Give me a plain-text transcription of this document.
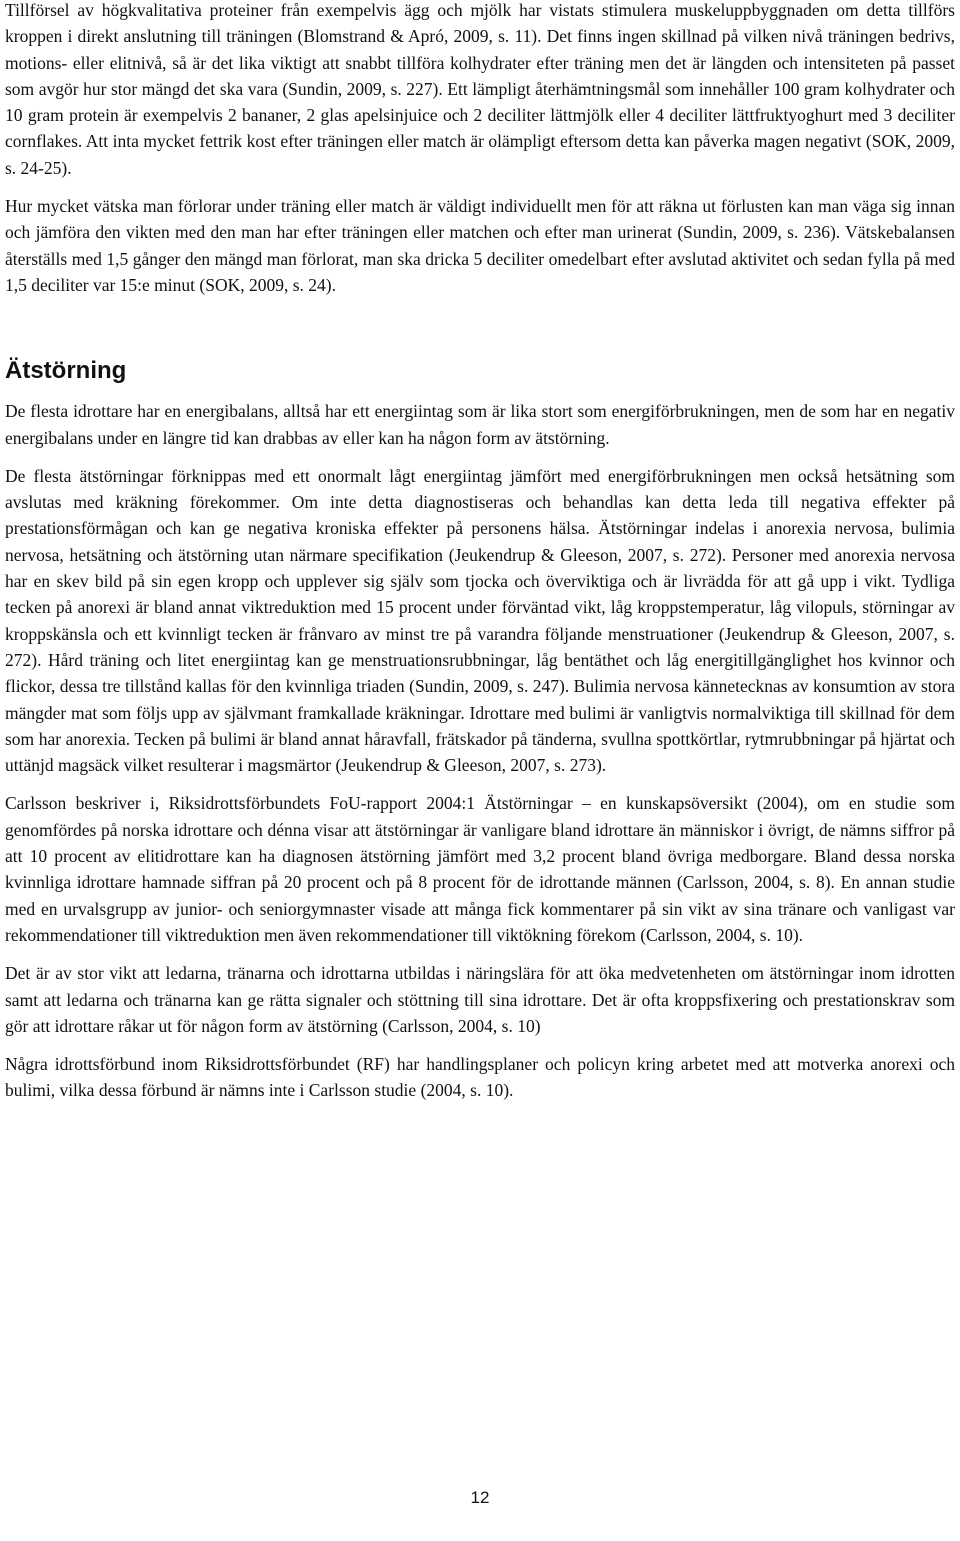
Tillförsel av högkvalitativa proteiner från exempelvis ägg och mjölk har vistats stimulera muskeluppbyggnaden om detta tillförs kroppen i direkt anslutning till träningen (Blomstrand & Apró, 2009, s. 11). Det finns ingen skillnad på vilken nivå träningen bedrivs, motions- eller elitnivå, så är det lika viktigt att snabbt tillföra kolhydrater efter träning men det är längden och intensiteten på passet som avgör hur stor mängd det ska vara (Sundin, 2009, s. 227). Ett lämpligt återhämtningsmål som innehåller 100 gram kolhydrater och 10 gram protein är exempelvis 2 bananer, 2 glas apelsinjuice och 2 deciliter lättmjölk eller 4 deciliter lättfruktyoghurt med 3 deciliter cornflakes. Att inta mycket fettrik kost efter träningen eller match är olämpligt eftersom detta kan påverka magen negativt (SOK, 2009, s. 24-25).

Hur mycket vätska man förlorar under träning eller match är väldigt individuellt men för att räkna ut förlusten kan man väga sig innan och jämföra den vikten med den man har efter träningen eller matchen och efter man urinerat (Sundin, 2009, s. 236). Vätskebalansen återställs med 1,5 gånger den mängd man förlorat, man ska dricka 5 deciliter omedelbart efter avslutad aktivitet och sedan fylla på med 1,5 deciliter var 15:e minut (SOK, 2009, s. 24).

Ätstörning

De flesta idrottare har en energibalans, alltså har ett energiintag som är lika stort som energiförbrukningen, men de som har en negativ energibalans under en längre tid kan drabbas av eller kan ha någon form av ätstörning.

De flesta ätstörningar förknippas med ett onormalt lågt energiintag jämfört med energiförbrukningen men också hetsätning som avslutas med kräkning förekommer. Om inte detta diagnostiseras och behandlas kan detta leda till negativa effekter på prestationsförmågan och kan ge negativa kroniska effekter på personens hälsa. Ätstörningar indelas i anorexia nervosa, bulimia nervosa, hetsätning och ätstörning utan närmare specifikation (Jeukendrup & Gleeson, 2007, s. 272). Personer med anorexia nervosa har en skev bild på sin egen kropp och upplever sig själv som tjocka och överviktiga och är livrädda för att gå upp i vikt. Tydliga tecken på anorexi är bland annat viktreduktion med 15 procent under förväntad vikt, låg kroppstemperatur, låg vilopuls, störningar av kroppskänsla och ett kvinnligt tecken är frånvaro av minst tre på varandra följande menstruationer (Jeukendrup & Gleeson, 2007, s. 272). Hård träning och litet energiintag kan ge menstruationsrubbningar, låg bentäthet och låg energitillgänglighet hos kvinnor och flickor, dessa tre tillstånd kallas för den kvinnliga triaden (Sundin, 2009, s. 247). Bulimia nervosa kännetecknas av konsumtion av stora mängder mat som följs upp av självmant framkallade kräkningar. Idrottare med bulimi är vanligtvis normalviktiga till skillnad för dem som har anorexia. Tecken på bulimi är bland annat håravfall, frätskador på tänderna, svullna spottkörtlar, rytmrubbningar på hjärtat och uttänjd magsäck vilket resulterar i magsmärtor (Jeukendrup & Gleeson, 2007, s. 273).

Carlsson beskriver i, Riksidrottsförbundets FoU-rapport 2004:1 Ätstörningar – en kunskapsöversikt (2004), om en studie som genomfördes på norska idrottare och dénna visar att ätstörningar är vanligare bland idrottare än människor i övrigt, de nämns siffror på att 10 procent av elitidrottare kan ha diagnosen ätstörning jämfört med 3,2 procent bland övriga medborgare. Bland dessa norska kvinnliga idrottare hamnade siffran på 20 procent och på 8 procent för de idrottande männen (Carlsson, 2004, s. 8). En annan studie med en urvalsgrupp av junior- och seniorgymnaster visade att många fick kommentarer på sin vikt av sina tränare och vanligast var rekommendationer till viktreduktion men även rekommendationer till viktökning förekom (Carlsson, 2004, s. 10).

Det är av stor vikt att ledarna, tränarna och idrottarna utbildas i näringslära för att öka medvetenheten om ätstörningar inom idrotten samt att ledarna och tränarna kan ge rätta signaler och stöttning till sina idrottare. Det är ofta kroppsfixering och prestationskrav som gör att idrottare råkar ut för någon form av ätstörning (Carlsson, 2004, s. 10)

Några idrottsförbund inom Riksidrottsförbundet (RF) har handlingsplaner och policyn kring arbetet med att motverka anorexi och bulimi, vilka dessa förbund är nämns inte i Carlsson studie (2004, s. 10).

12
